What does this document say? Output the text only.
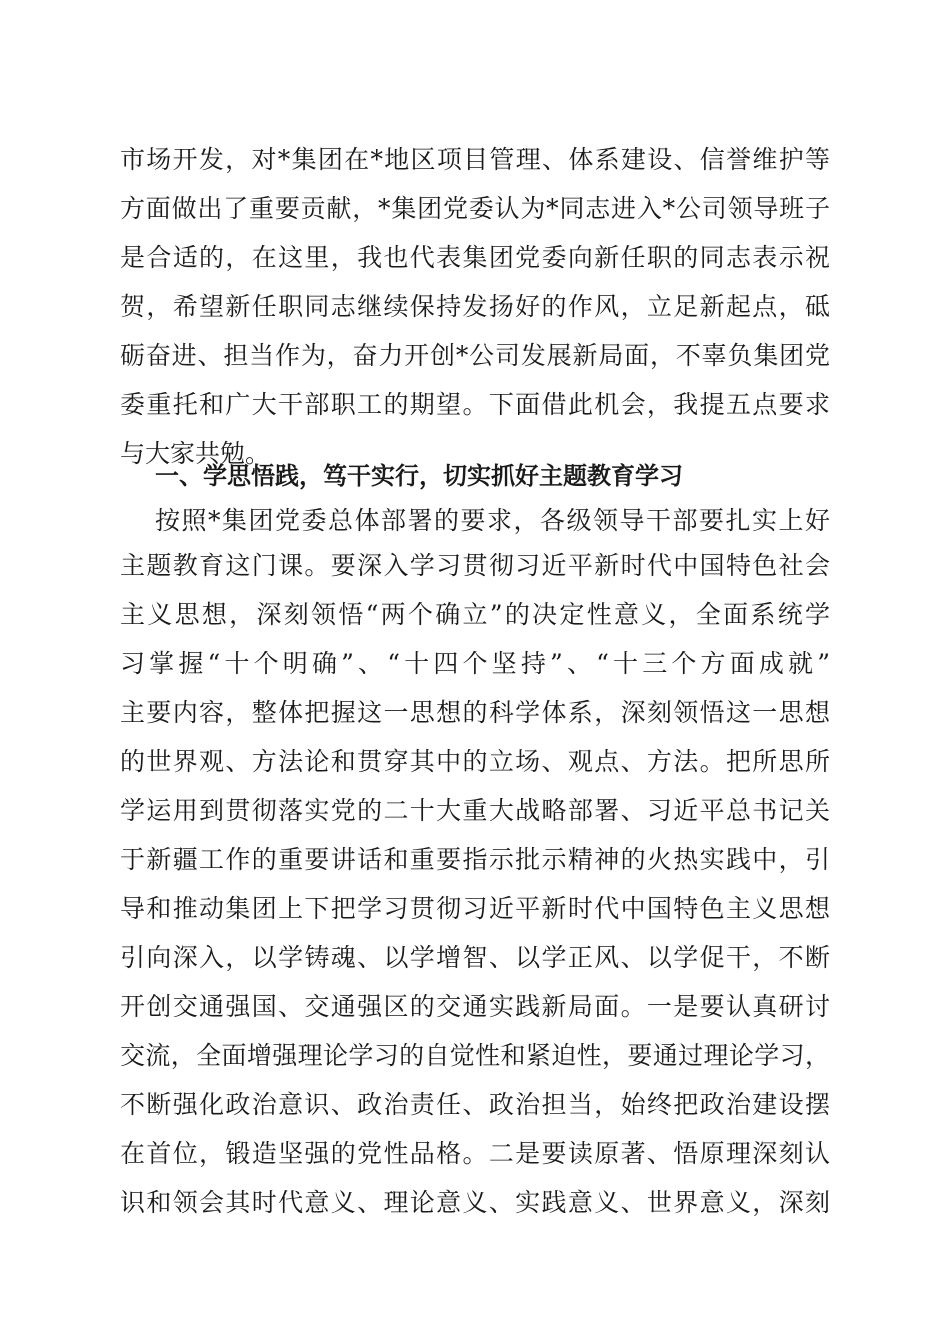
市场开发，对*集团在*地区项目管理、体系建设、信誉维护等
方面做出了重要贡献，*集团党委认为*同志进入*公司领导班子
是合适的，在这里，我也代表集团党委向新任职的同志表示祝
贺，希望新任职同志继续保持发扬好的作风，立足新起点，砥
砺奋进、担当作为，奋力开创*公司发展新局面，不辜负集团党
委重托和广大干部职工的期望。下面借此机会，我提五点要求
与大家共勉。
一、学思悟践，笃干实行，切实抓好主题教育学习
按照*集团党委总体部署的要求，各级领导干部要扎实上好
主题教育这门课。要深入学习贯彻习近平新时代中国特色社会
主义思想，深刻领悟“两个确立”的决定性意义，全面系统学
习掌握“十个明确”、“十四个坚持”、“十三个方面成就”
主要内容，整体把握这一思想的科学体系，深刻领悟这一思想
的世界观、方法论和贯穿其中的立场、观点、方法。把所思所
学运用到贯彻落实党的二十大重大战略部署、习近平总书记关
于新疆工作的重要讲话和重要指示批示精神的火热实践中，引
导和推动集团上下把学习贯彻习近平新时代中国特色主义思想
引向深入，以学铸魂、以学增智、以学正风、以学促干，不断
开创交通强国、交通强区的交通实践新局面。一是要认真研讨
交流，全面增强理论学习的自觉性和紧迫性，要通过理论学习，
不断强化政治意识、政治责任、政治担当，始终把政治建设摆
在首位，锻造坚强的党性品格。二是要读原著、悟原理深刻认
识和领会其时代意义、理论意义、实践意义、世界意义，深刻
